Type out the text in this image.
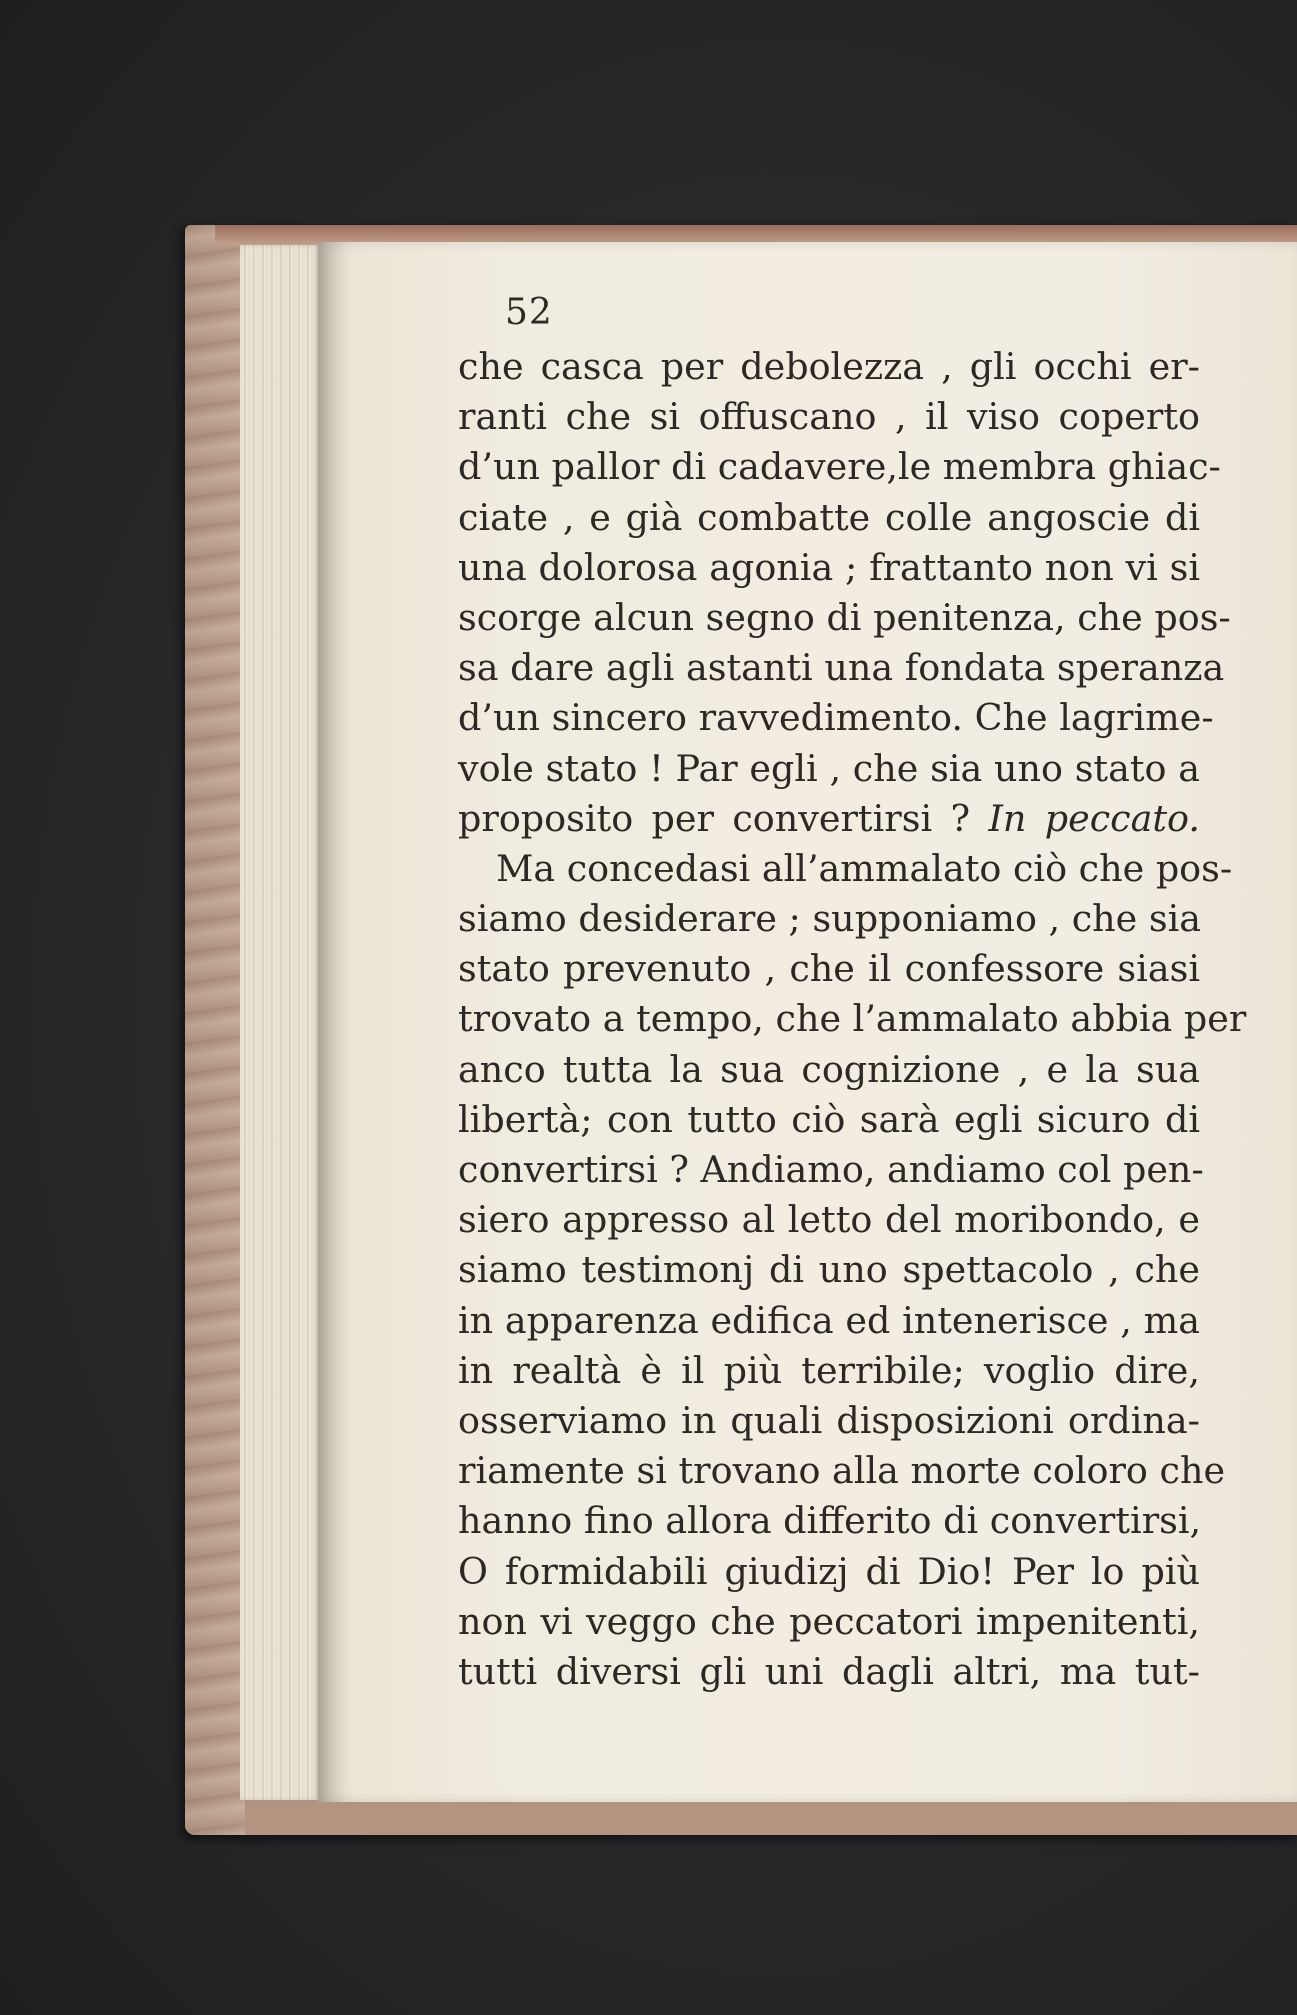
52
che casca per debolezza , gli occhi er-
ranti che si offuscano , il viso coperto
d’un pallor di cadavere,le membra ghiac-
ciate , e già combatte colle angoscie di
una dolorosa agonia ; frattanto non vi si
scorge alcun segno di penitenza, che pos-
sa dare agli astanti una fondata speranza
d’un sincero ravvedimento. Che lagrime-
vole stato ! Par egli , che sia uno stato a
proposito per convertirsi ? In peccato.
Ma concedasi all’ammalato ciò che pos-
siamo desiderare ; supponiamo , che sia
stato prevenuto , che il confessore siasi
trovato a tempo, che l’ammalato abbia per
anco tutta la sua cognizione , e la sua
libertà; con tutto ciò sarà egli sicuro di
convertirsi ? Andiamo, andiamo col pen-
siero appresso al letto del moribondo, e
siamo testimonj di uno spettacolo , che
in apparenza edifica ed intenerisce , ma
in realtà è il più terribile; voglio dire,
osserviamo in quali disposizioni ordina-
riamente si trovano alla morte coloro che
hanno fino allora differito di convertirsi,
O formidabili giudizj di Dio! Per lo più
non vi veggo che peccatori impenitenti,
tutti diversi gli uni dagli altri, ma tut-
